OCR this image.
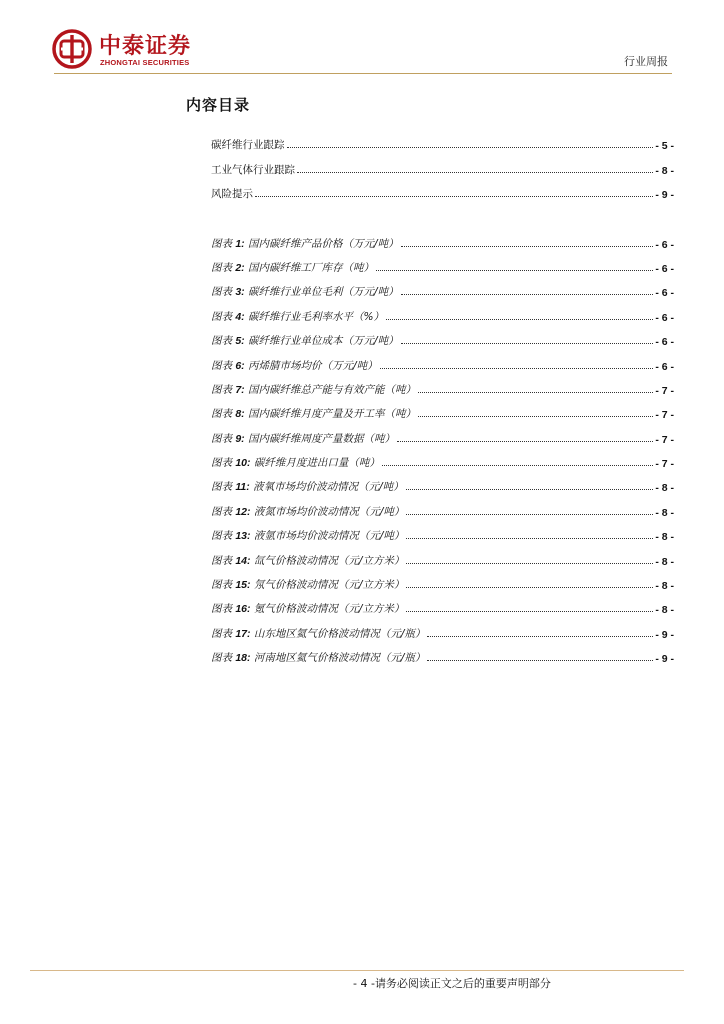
中泰证券
ZHONGTAI SECURITIES	行业周报
内容目录
碳纤维行业跟踪	- 5 -
工业气体行业跟踪	- 8 -
风险提示	- 9 -
图表 1: 国内碳纤维产品价格（万元/吨）	- 6 -
图表 2: 国内碳纤维工厂库存（吨）	- 6 -
图表 3: 碳纤维行业单位毛利（万元/吨）	- 6 -
图表 4: 碳纤维行业毛利率水平（%）	- 6 -
图表 5: 碳纤维行业单位成本（万元/吨）	- 6 -
图表 6: 丙烯腈市场均价（万元/吨）	- 6 -
图表 7: 国内碳纤维总产能与有效产能（吨）	- 7 -
图表 8: 国内碳纤维月度产量及开工率（吨）	- 7 -
图表 9: 国内碳纤维周度产量数据（吨）	- 7 -
图表 10: 碳纤维月度进出口量（吨）	- 7 -
图表 11: 液氧市场均价波动情况（元/吨）	- 8 -
图表 12: 液氮市场均价波动情况（元/吨）	- 8 -
图表 13: 液氩市场均价波动情况（元/吨）	- 8 -
图表 14: 氙气价格波动情况（元/立方米）	- 8 -
图表 15: 氖气价格波动情况（元/立方米）	- 8 -
图表 16: 氪气价格波动情况（元/立方米）	- 8 -
图表 17: 山东地区氦气价格波动情况（元/瓶）	- 9 -
图表 18: 河南地区氦气价格波动情况（元/瓶）	- 9 -
- 4 -请务必阅读正文之后的重要声明部分
